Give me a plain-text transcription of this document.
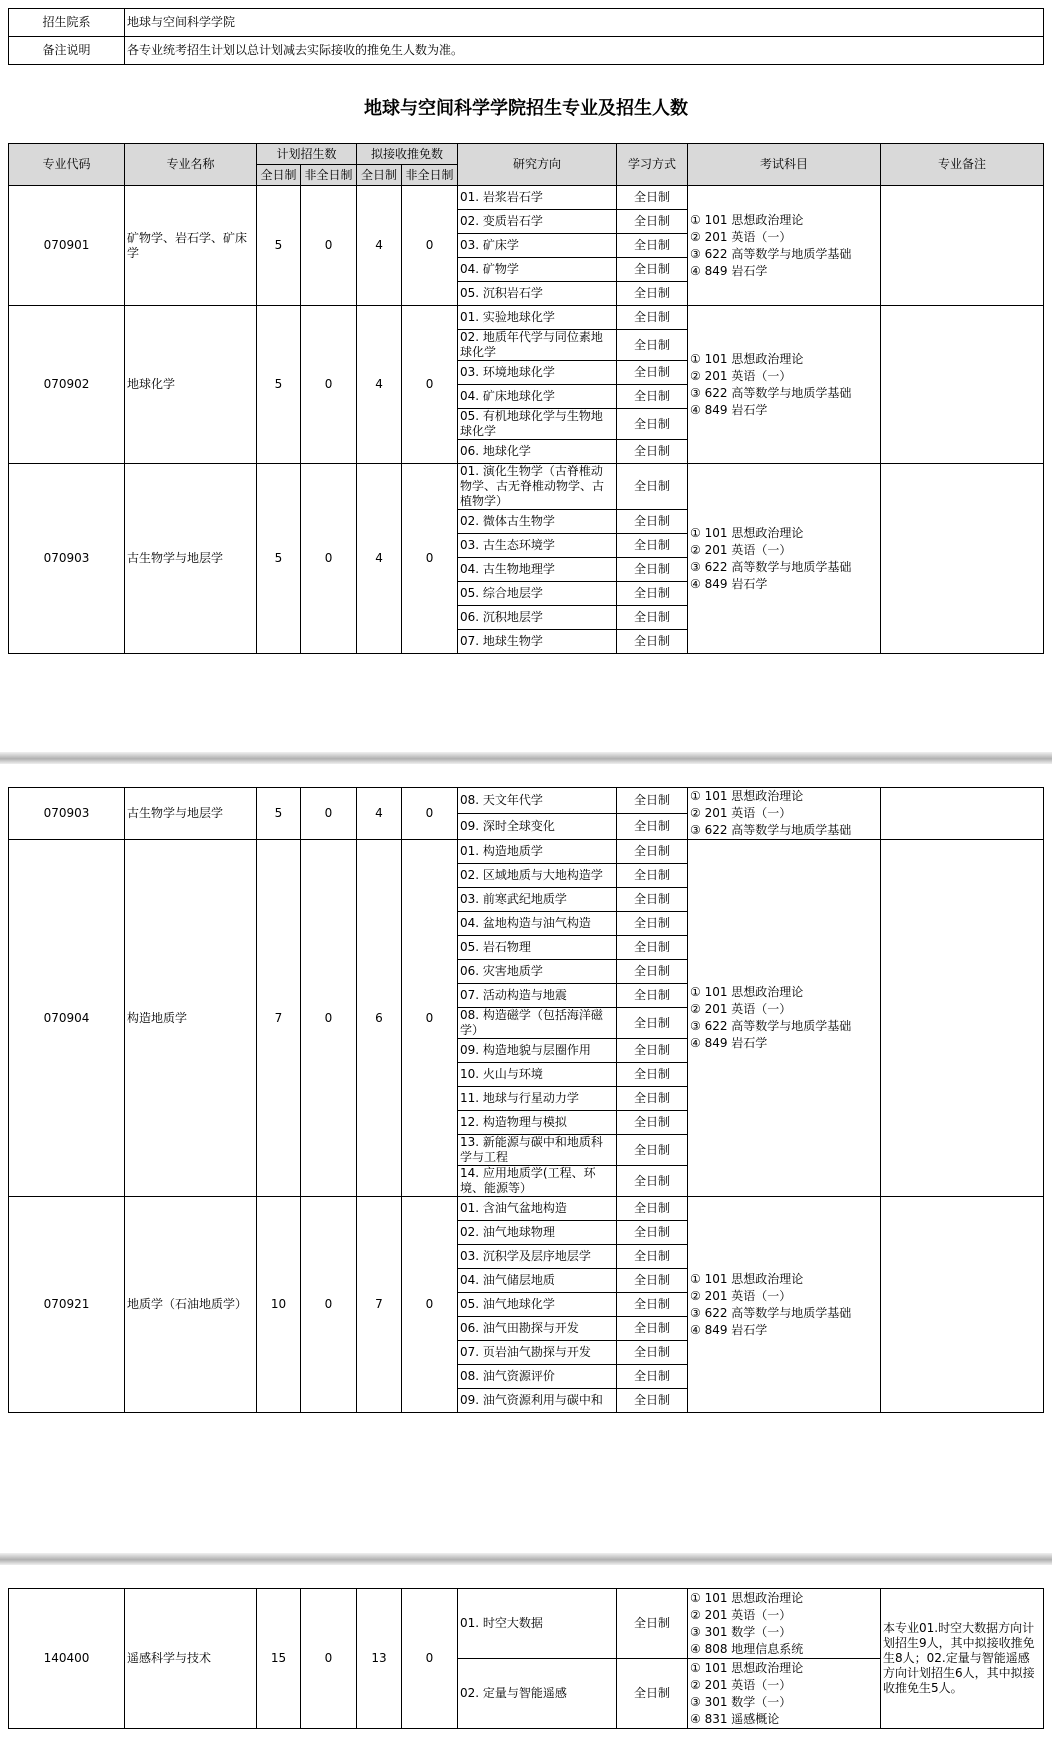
招生院系	地球与空间科学学院
备注说明	各专业统考招生计划以总计划减去实际接收的推免生人数为准。
地球与空间科学学院招生专业及招生人数
专业代码	专业名称	计划招生数		拟接收推免数		研究方向	学习方式	考试科目	专业备注
		全日制	非全日制	全日制	非全日制				
070901	矿物学、岩石学、矿床学	5	0	4	0	01. 岩浆岩石学	全日制	① 101 思想政治理论
② 201 英语（一）
③ 622 高等数学与地质学基础
④ 849 岩石学	

						02. 变质岩石学	全日制		
						03. 矿床学	全日制		
						04. 矿物学	全日制		
						05. 沉积岩石学	全日制		
070902	地球化学	5	0	4	0	01. 实验地球化学	全日制	① 101 思想政治理论
② 201 英语（一）
③ 622 高等数学与地质学基础
④ 849 岩石学	

						02. 地质年代学与同位素地球化学	全日制		
						03. 环境地球化学	全日制		
						04. 矿床地球化学	全日制		
						05. 有机地球化学与生物地球化学	全日制		
						06. 地球化学	全日制		
070903	古生物学与地层学	5	0	4	0	01. 演化生物学（古脊椎动物学、古无脊椎动物学、古植物学）	全日制	① 101 思想政治理论
② 201 英语（一）
③ 622 高等数学与地质学基础
④ 849 岩石学	

						02. 微体古生物学	全日制		
						03. 古生态环境学	全日制		
						04. 古生物地理学	全日制		
						05. 综合地层学	全日制		
						06. 沉积地层学	全日制		
						07. 地球生物学	全日制		
070903	古生物学与地层学	5	0	4	0	08. 天文年代学	全日制	① 101 思想政治理论
② 201 英语（一）
③ 622 高等数学与地质学基础	

						09. 深时全球变化	全日制		
070904	构造地质学	7	0	6	0	01. 构造地质学	全日制	① 101 思想政治理论
② 201 英语（一）
③ 622 高等数学与地质学基础
④ 849 岩石学	

						02. 区域地质与大地构造学	全日制		
						03. 前寒武纪地质学	全日制		
						04. 盆地构造与油气构造	全日制		
						05. 岩石物理	全日制		
						06. 灾害地质学	全日制		
						07. 活动构造与地震	全日制		
						08. 构造磁学（包括海洋磁学）	全日制		
						09. 构造地貌与层圈作用	全日制		
						10. 火山与环境	全日制		
						11. 地球与行星动力学	全日制		
						12. 构造物理与模拟	全日制		
						13. 新能源与碳中和地质科学与工程	全日制		
						14. 应用地质学(工程、环境、能源等）	全日制		
070921	地质学（石油地质学）	10	0	7	0	01. 含油气盆地构造	全日制	① 101 思想政治理论
② 201 英语（一）
③ 622 高等数学与地质学基础
④ 849 岩石学	

						02. 油气地球物理	全日制		
						03. 沉积学及层序地层学	全日制		
						04. 油气储层地质	全日制		
						05. 油气地球化学	全日制		
						06. 油气田勘探与开发	全日制		
						07. 页岩油气勘探与开发	全日制		
						08. 油气资源评价	全日制		
						09. 油气资源利用与碳中和	全日制		
140400	遥感科学与技术	15	0	13	0	01. 时空大数据	全日制	① 101 思想政治理论
② 201 英语（一）
③ 301 数学（一）
④ 808 地理信息系统	本专业01.时空大数据方向计划招生9人，其中拟接收推免生8人；02.定量与智能遥感方向计划招生6人，其中拟接收推免生5人。
						02. 定量与智能遥感	全日制	① 101 思想政治理论
② 201 英语（一）
③ 301 数学（一）
④ 831 遥感概论	
